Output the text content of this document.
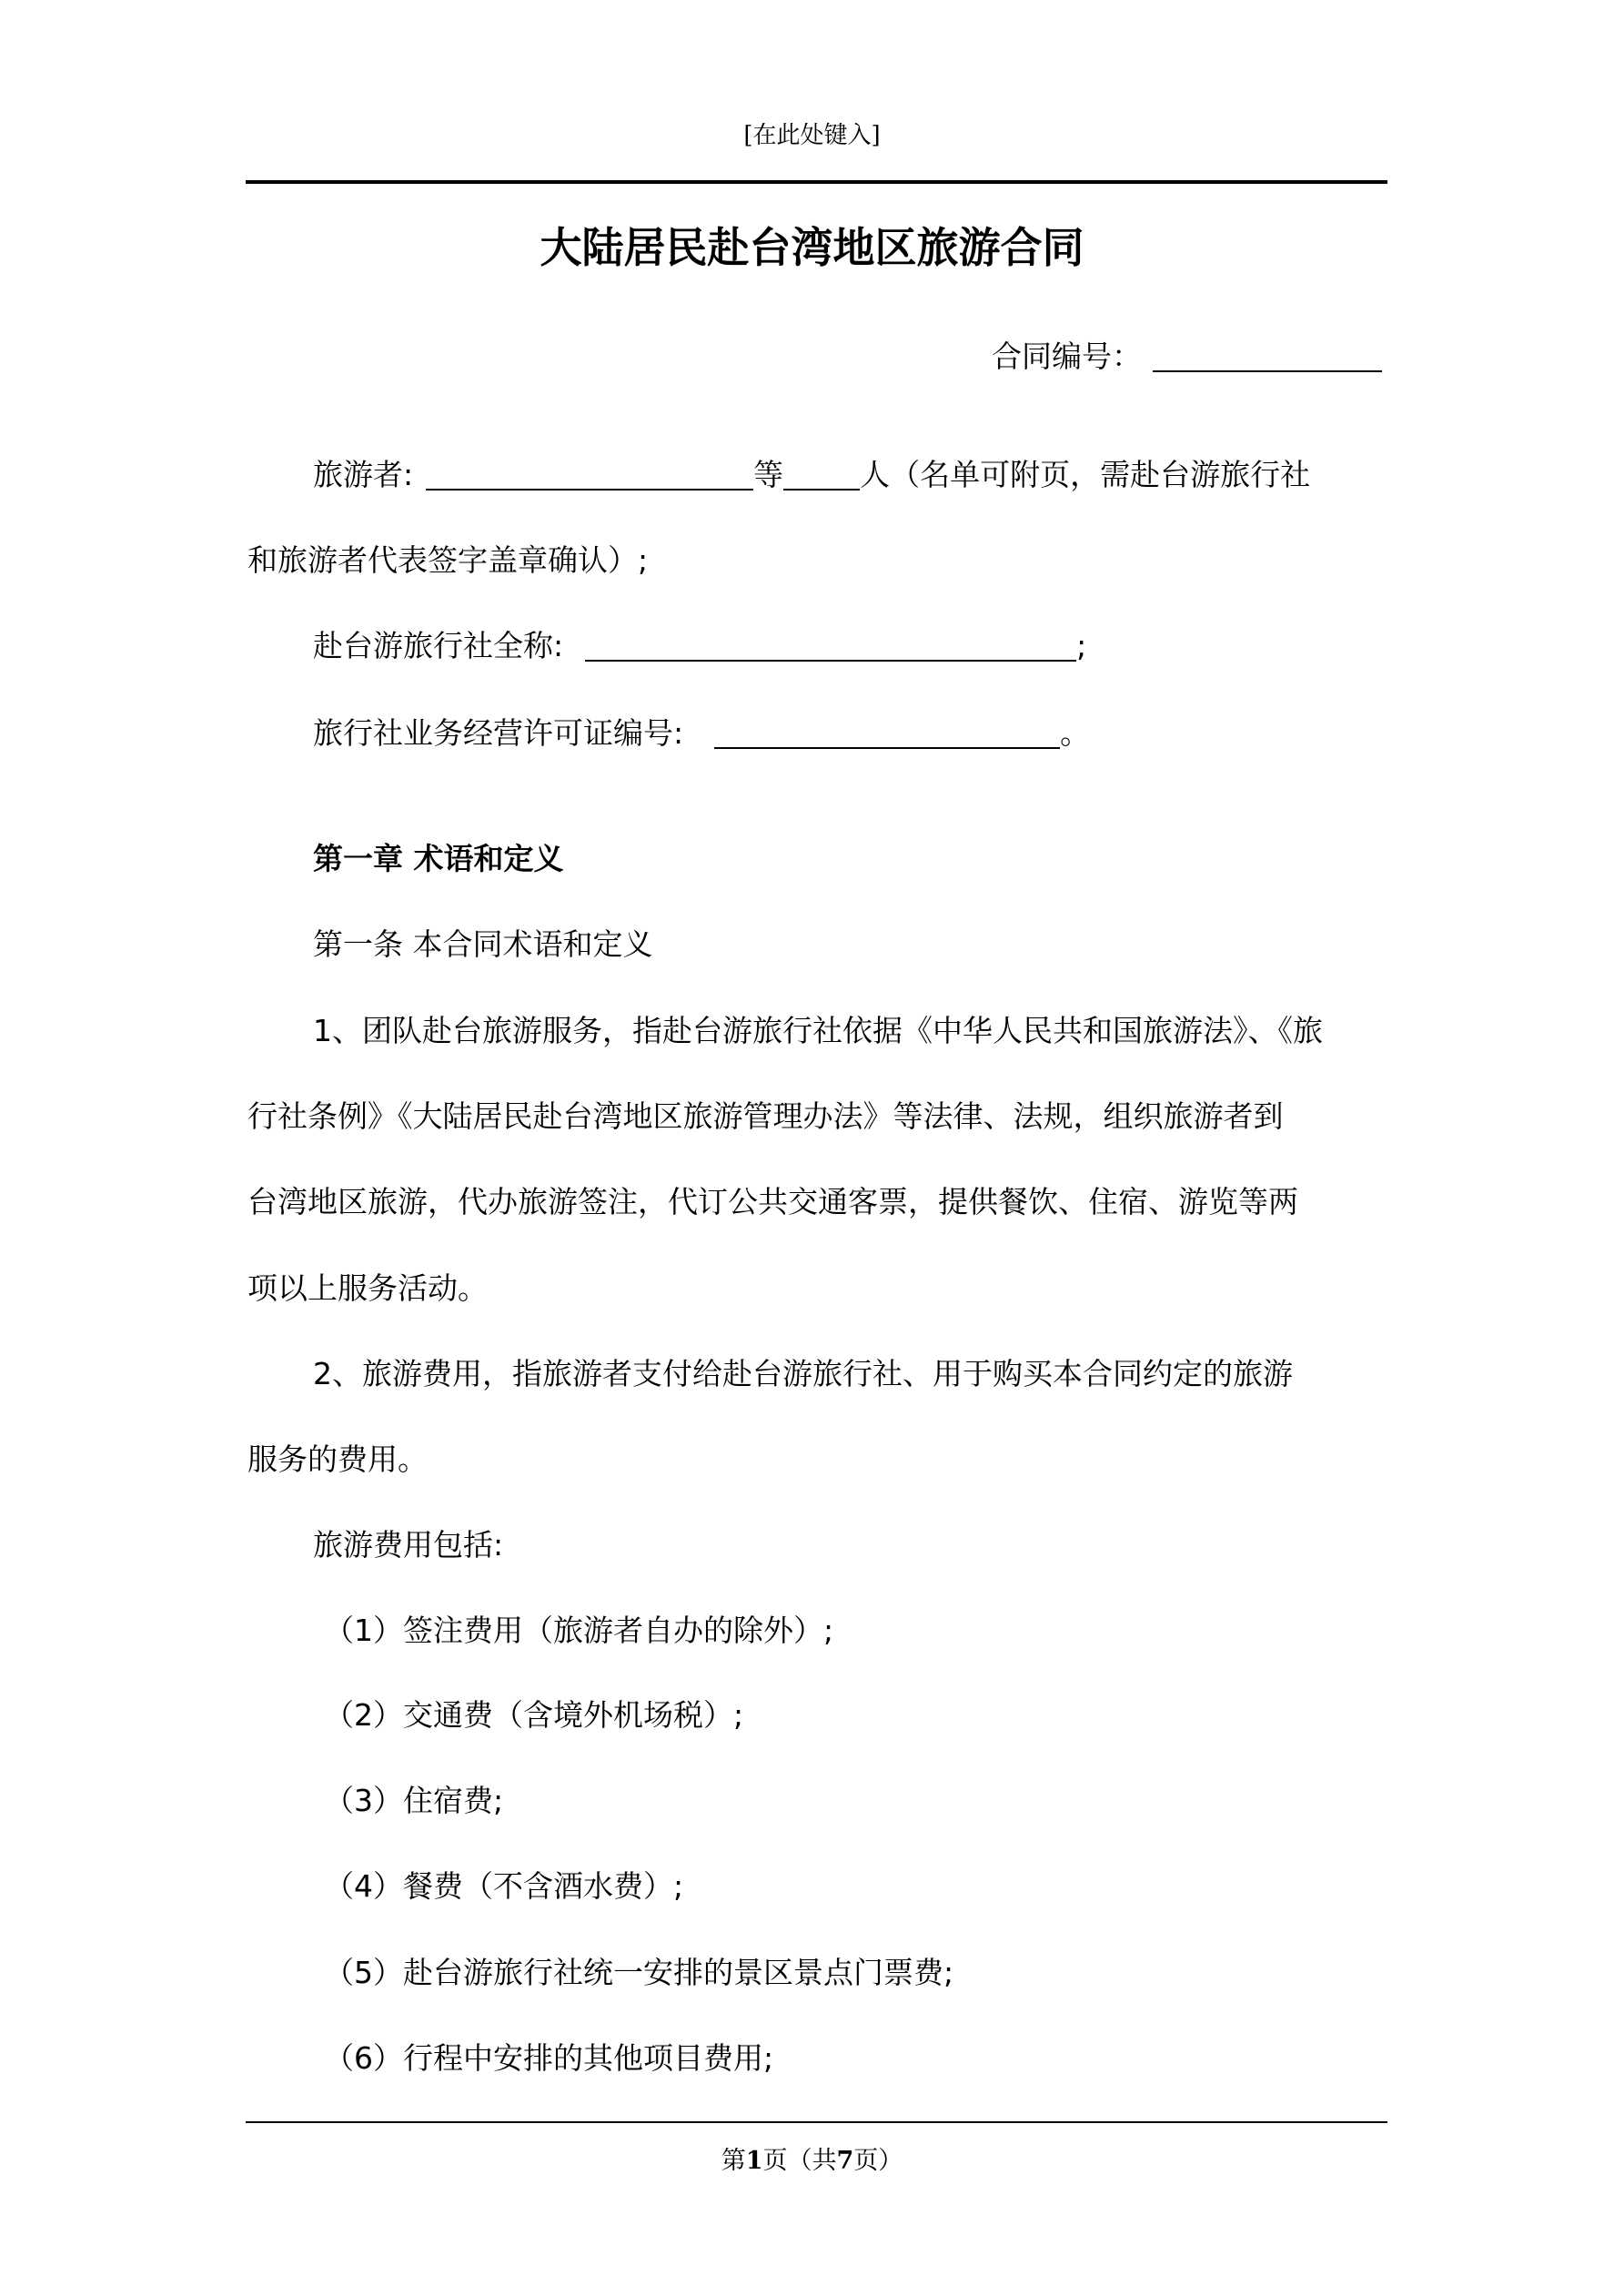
[在此处键入]
大陆居民赴台湾地区旅游合同
合同编号：
旅游者:	等	人（名单可附页，需赴台游旅行社
和旅游者代表签字盖章确认）;
赴台游旅行社全称:	;
旅行社业务经营许可证编号:	。
第一章 术语和定义
第一条 本合同术语和定义
1、团队赴台旅游服务，指赴台游旅行社依据《中华人民共和国旅游法》、《旅
行社条例》《大陆居民赴台湾地区旅游管理办法》等法律、法规，组织旅游者到
台湾地区旅游，代办旅游签注，代订公共交通客票，提供餐饮、住宿、游览等两
项以上服务活动。
2、旅游费用，指旅游者支付给赴台游旅行社、用于购买本合同约定的旅游
服务的费用。
旅游费用包括:
（1）签注费用（旅游者自办的除外）;
（2）交通费（含境外机场税）;
（3）住宿费;
（4）餐费（不含酒水费）;
（5）赴台游旅行社统一安排的景区景点门票费;
（6）行程中安排的其他项目费用;
第1页（共7页）
